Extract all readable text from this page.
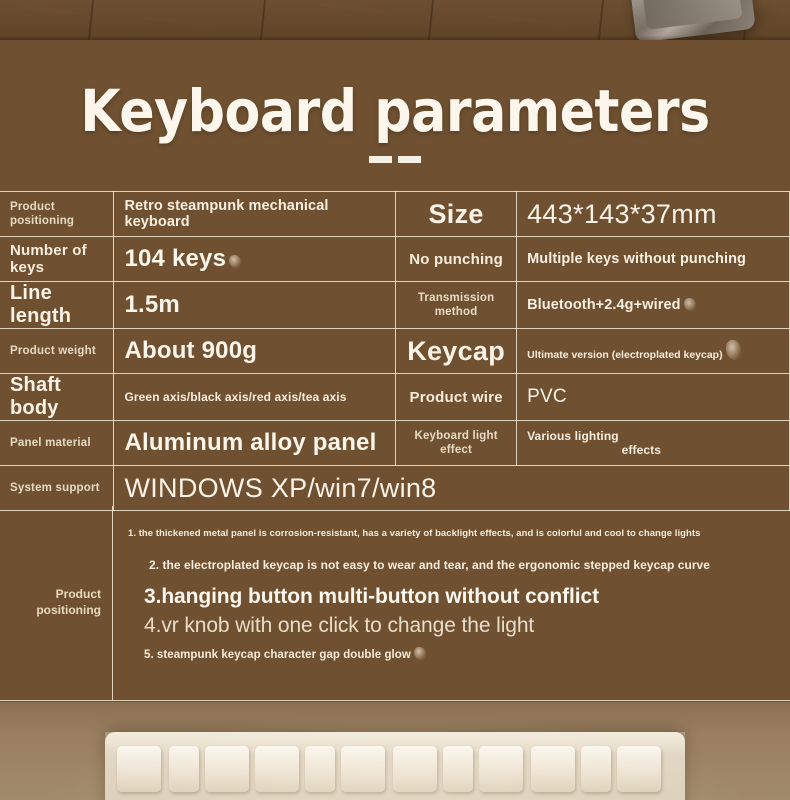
Keyboard parameters
Product positioning	Retro steampunk mechanical keyboard	Size	443*143*37mm

Number of keys	104 keys	No punching	Multiple keys without punching

Line length	1.5m	Transmission method	Bluetooth+2.4g+wired

Product weight	About 900g	Keycap	Ultimate version (electroplated keycap)

Shaft body	Green axis/black axis/red axis/tea axis	Product wire	PVC

Panel material	Aluminum alloy panel	Keyboard light effect	Various lighting
effects

System support	WINDOWS XP/win7/win8		
Product positioning
1. the thickened metal panel is corrosion-resistant, has a variety of backlight effects, and is colorful and cool to change lights
2. the electroplated keycap is not easy to wear and tear, and the ergonomic stepped keycap curve
3.hanging button multi-button without conflict
4.vr knob with one click to change the light
5. steampunk keycap character gap double glow
